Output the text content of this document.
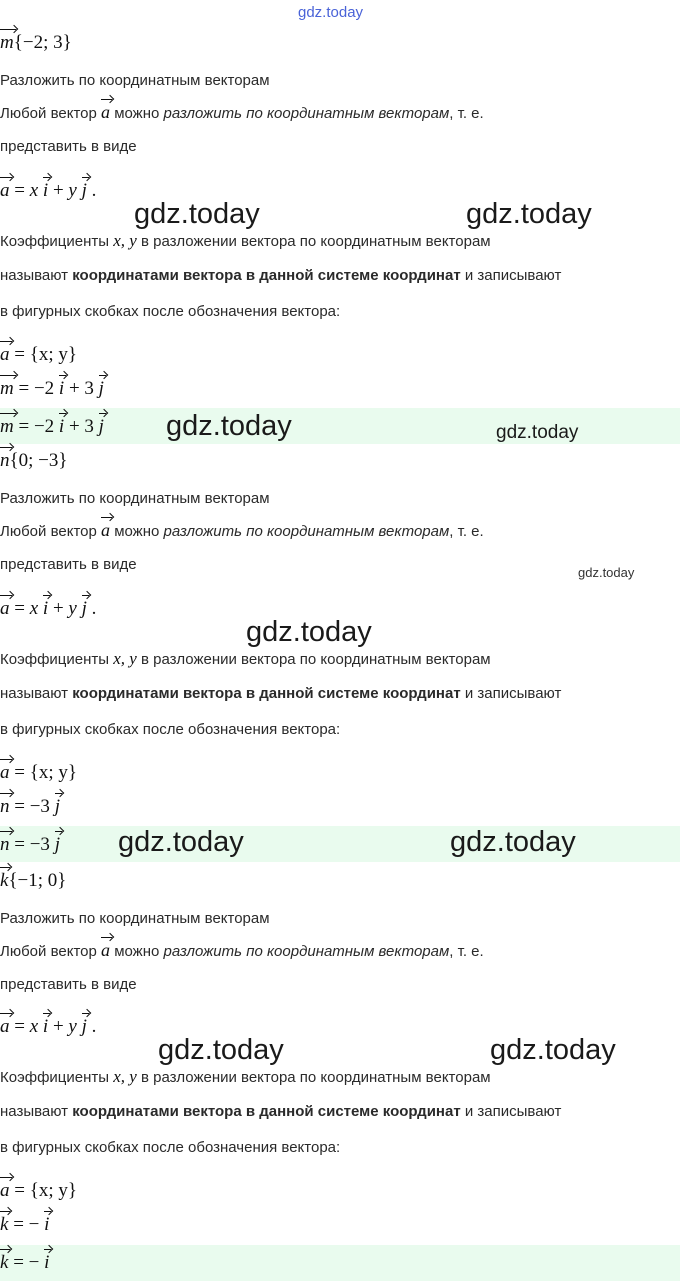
gdz.today
m{−2; 3}
Разложить по координатным векторам
Любой вектор a можно разложить по координатным векторам, т. е.
представить в виде
a = x i + y j .
gdz.today	gdz.today
Коэффициенты x, y в разложении вектора по координатным векторам
называют координатами вектора в данной системе координат и записывают
в фигурных скобках после обозначения вектора:
a = {x; y}
m = −2 i + 3 j
m = −2 i + 3 j gdz.today	gdz.today
n{0; −3}
Разложить по координатным векторам
Любой вектор a можно разложить по координатным векторам, т. е.
представить в виде	gdz.today
a = x i + y j .
gdz.today
Коэффициенты x, y в разложении вектора по координатным векторам
называют координатами вектора в данной системе координат и записывают
в фигурных скобках после обозначения вектора:
a = {x; y}
n = −3 j
n = −3 j gdz.today	gdz.today
k{−1; 0}
Разложить по координатным векторам
Любой вектор a можно разложить по координатным векторам, т. е.
представить в виде
a = x i + y j .
gdz.today	gdz.today
Коэффициенты x, y в разложении вектора по координатным векторам
называют координатами вектора в данной системе координат и записывают
в фигурных скобках после обозначения вектора:
a = {x; y}
k = − i
k = − i
